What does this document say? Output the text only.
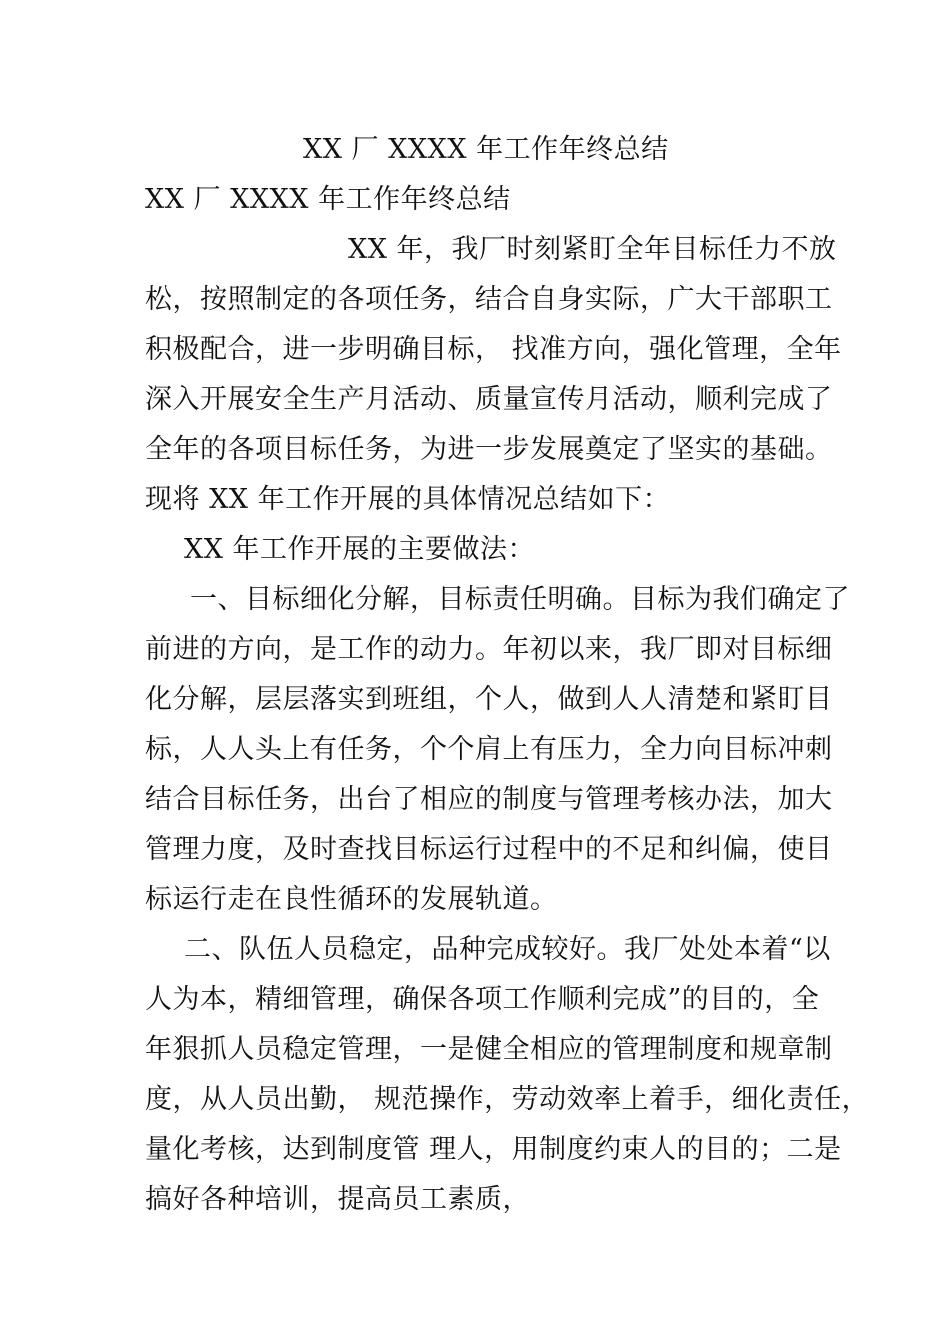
XX 厂 XXXX 年工作年终总结
XX 厂 XXXX 年工作年终总结
XX 年，我厂时刻紧盯全年目标任力不放
松，按照制定的各项任务，结合自身实际，广大干部职工
积极配合，进一步明确目标， 找准方向，强化管理，全年
深入开展安全生产月活动、质量宣传月活动，顺利完成了
全年的各项目标任务，为进一步发展奠定了坚实的基础。
现将 XX 年工作开展的具体情况总结如下：
XX 年工作开展的主要做法：
一、目标细化分解，目标责任明确。目标为我们确定了
前进的方向，是工作的动力。年初以来，我厂即对目标细
化分解，层层落实到班组，个人，做到人人清楚和紧盯目
标，人人头上有任务，个个肩上有压力，全力向目标冲刺
结合目标任务，出台了相应的制度与管理考核办法，加大
管理力度，及时查找目标运行过程中的不足和纠偏，使目
标运行走在良性循环的发展轨道。
二、队伍人员稳定，品种完成较好。我厂处处本着“以
人为本，精细管理，确保各项工作顺利完成”的目的，全
年狠抓人员稳定管理，一是健全相应的管理制度和规章制
度，从人员出勤， 规范操作，劳动效率上着手，细化责任，
量化考核，达到制度管 理人，用制度约束人的目的；二是
搞好各种培训，提高员工素质，
